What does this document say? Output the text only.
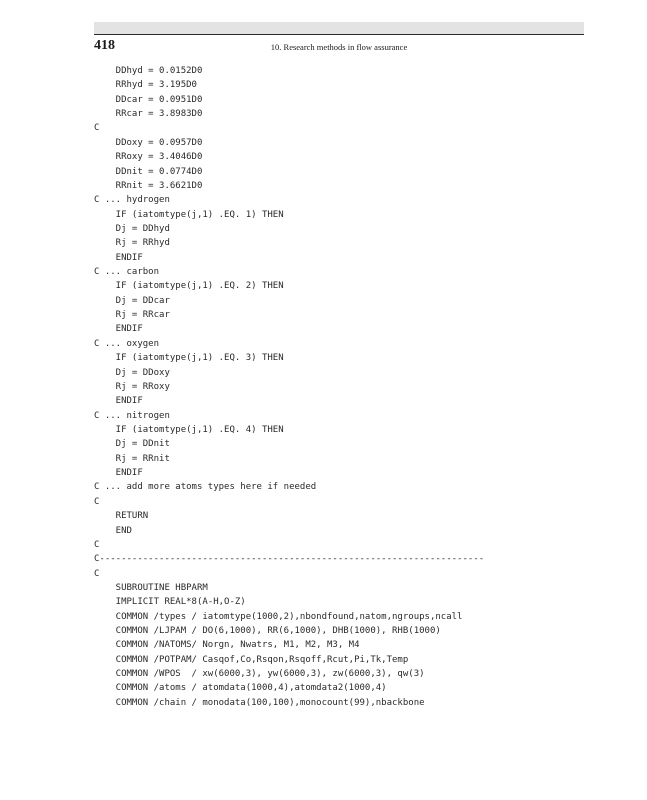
418	10. Research methods in flow assurance
DDhyd = 0.0152D0
RRhyd = 3.195D0
DDcar = 0.0951D0
RRcar = 3.8983D0
C
DDoxy = 0.0957D0
RRoxy = 3.4046D0
DDnit = 0.0774D0
RRnit = 3.6621D0
C ... hydrogen
IF (iatomtype(j,1) .EQ. 1) THEN
Dj = DDhyd
Rj = RRhyd
ENDIF
C ... carbon
IF (iatomtype(j,1) .EQ. 2) THEN
Dj = DDcar
Rj = RRcar
ENDIF
C ... oxygen
IF (iatomtype(j,1) .EQ. 3) THEN
Dj = DDoxy
Rj = RRoxy
ENDIF
C ... nitrogen
IF (iatomtype(j,1) .EQ. 4) THEN
Dj = DDnit
Rj = RRnit
ENDIF
C ... add more atoms types here if needed
C
RETURN
END
C
C-----------------------------------------------------------------------
C
SUBROUTINE HBPARM
IMPLICIT REAL*8(A-H,O-Z)
COMMON /types / iatomtype(1000,2),nbondfound,natom,ngroups,ncall
COMMON /LJPAM / DO(6,1000), RR(6,1000), DHB(1000), RHB(1000)
COMMON /NATOMS/ Norgn, Nwatrs, M1, M2, M3, M4
COMMON /POTPAM/ Casqof,Co,Rsqon,Rsqoff,Rcut,Pi,Tk,Temp
COMMON /WPOS  / xw(6000,3), yw(6000,3), zw(6000,3), qw(3)
COMMON /atoms / atomdata(1000,4),atomdata2(1000,4)
COMMON /chain / monodata(100,100),monocount(99),nbackbone
